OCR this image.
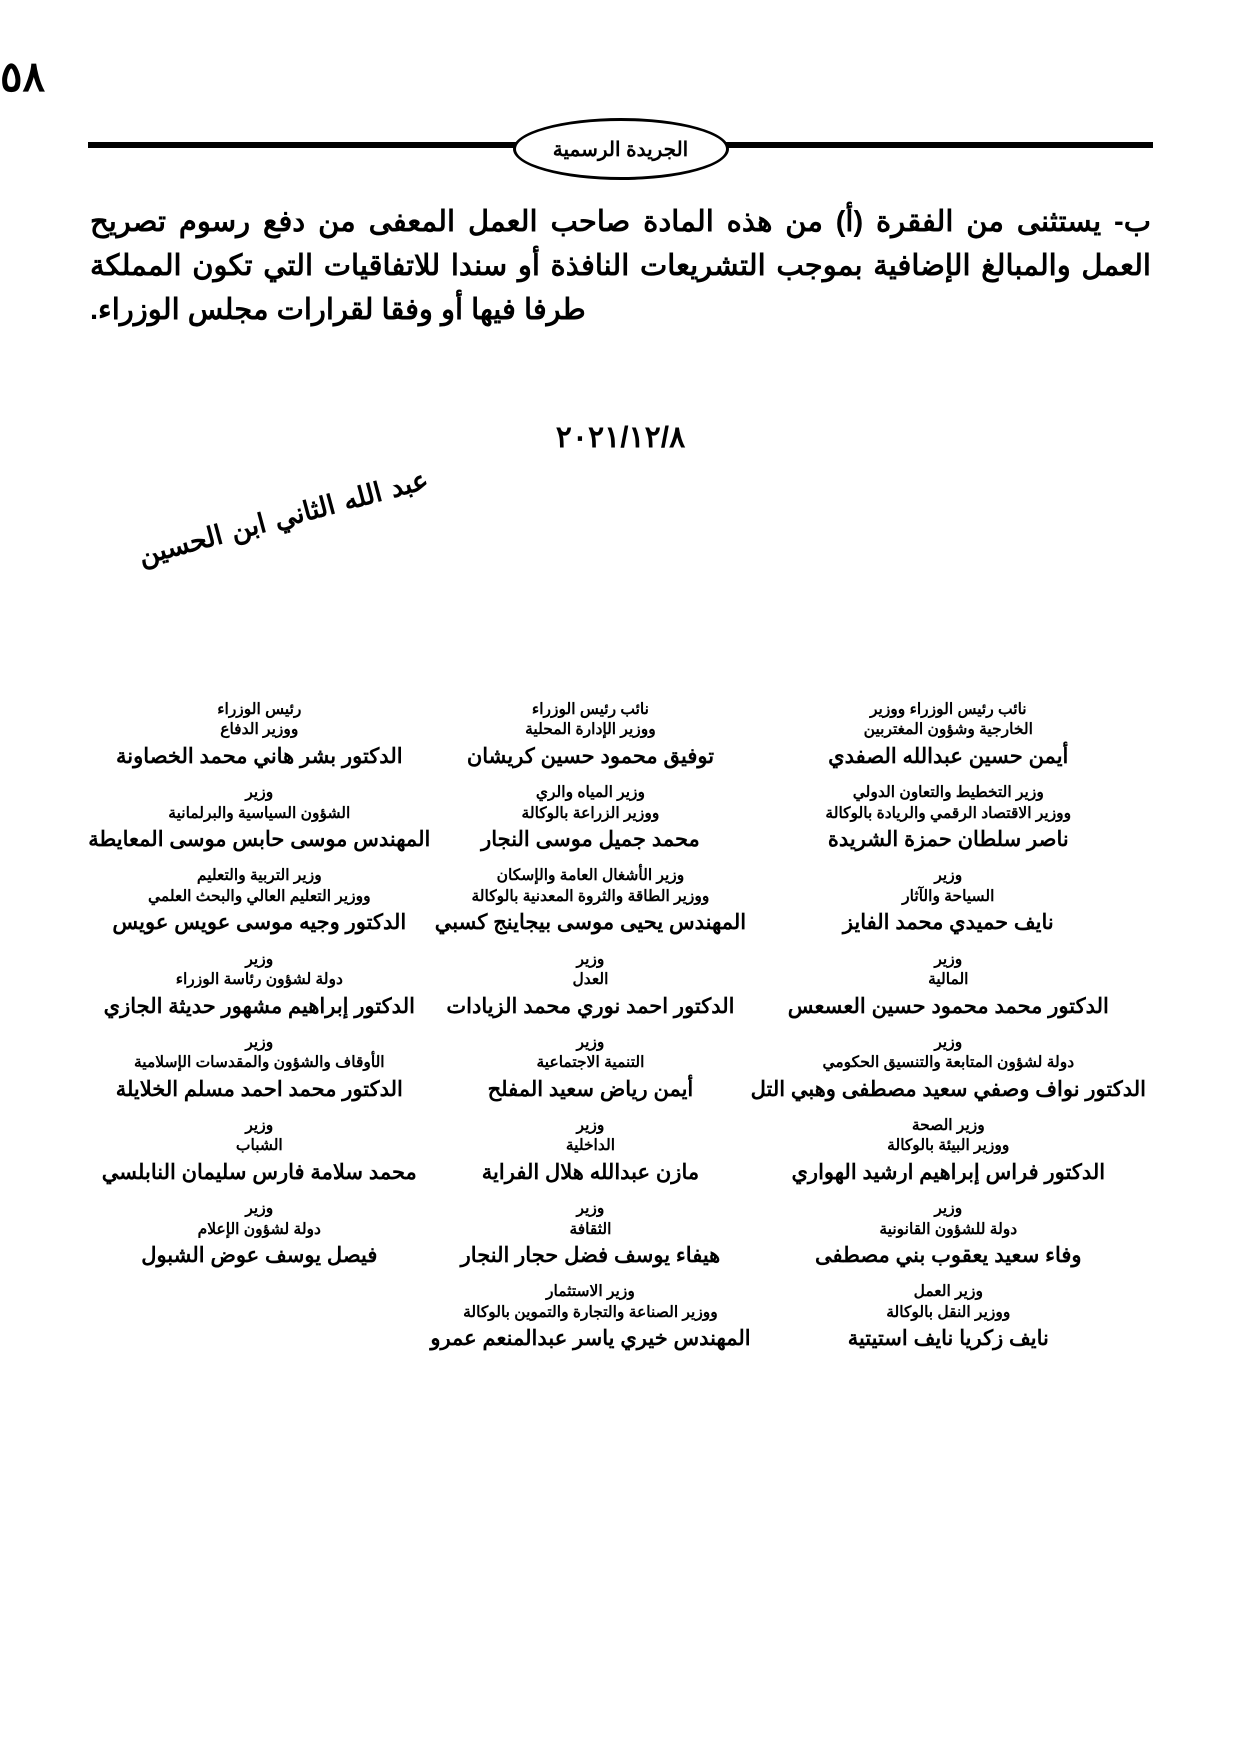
٥٨
الجريدة الرسمية
ب- يستثنى من الفقرة (أ) من هذه المادة صاحب العمل المعفى من دفع رسوم تصريح العمل والمبالغ الإضافية بموجب التشريعات النافذة أو سندا للاتفاقيات التي تكون المملكة طرفا فيها أو وفقا لقرارات مجلس الوزراء.
٢٠٢١/١٢/٨
عبد الله الثاني ابن الحسين
نائب رئيس الوزراء ووزير
الخارجية وشؤون المغتربين
أيمن حسين عبدالله الصفدي
وزير التخطيط والتعاون الدولي
ووزير الاقتصاد الرقمي والريادة بالوكالة
ناصر سلطان حمزة الشريدة
وزير
السياحة والآثار
نايف حميدي محمد الفايز
وزير
المالية
الدكتور محمد محمود حسين العسعس
وزير
دولة لشؤون المتابعة والتنسيق الحكومي
الدكتور نواف وصفي سعيد مصطفى وهبي التل
وزير الصحة
ووزير البيئة بالوكالة
الدكتور فراس إبراهيم ارشيد الهواري
وزير
دولة للشؤون القانونية
وفاء سعيد يعقوب بني مصطفى
وزير العمل
ووزير النقل بالوكالة
نايف زكريا نايف استيتية
نائب رئيس الوزراء
ووزير الإدارة المحلية
توفيق محمود حسين كريشان
وزير المياه والري
ووزير الزراعة بالوكالة
محمد جميل موسى النجار
وزير الأشغال العامة والإسكان
ووزير الطاقة والثروة المعدنية بالوكالة
المهندس يحيى موسى بيجاينج كسبي
وزير
العدل
الدكتور احمد نوري محمد الزيادات
وزير
التنمية الاجتماعية
أيمن رياض سعيد المفلح
وزير
الداخلية
مازن عبدالله هلال الفراية
وزير
الثقافة
هيفاء يوسف فضل حجار النجار
وزير الاستثمار
ووزير الصناعة والتجارة والتموين بالوكالة
المهندس خيري ياسر عبدالمنعم عمرو
رئيس الوزراء
ووزير الدفاع
الدكتور بشر هاني محمد الخصاونة
وزير
الشؤون السياسية والبرلمانية
المهندس موسى حابس موسى المعايطة
وزير التربية والتعليم
ووزير التعليم العالي والبحث العلمي
الدكتور وجيه موسى عويس عويس
وزير
دولة لشؤون رئاسة الوزراء
الدكتور إبراهيم مشهور حديثة الجازي
وزير
الأوقاف والشؤون والمقدسات الإسلامية
الدكتور محمد احمد مسلم الخلايلة
وزير
الشباب
محمد سلامة فارس سليمان النابلسي
وزير
دولة لشؤون الإعلام
فيصل يوسف عوض الشبول
